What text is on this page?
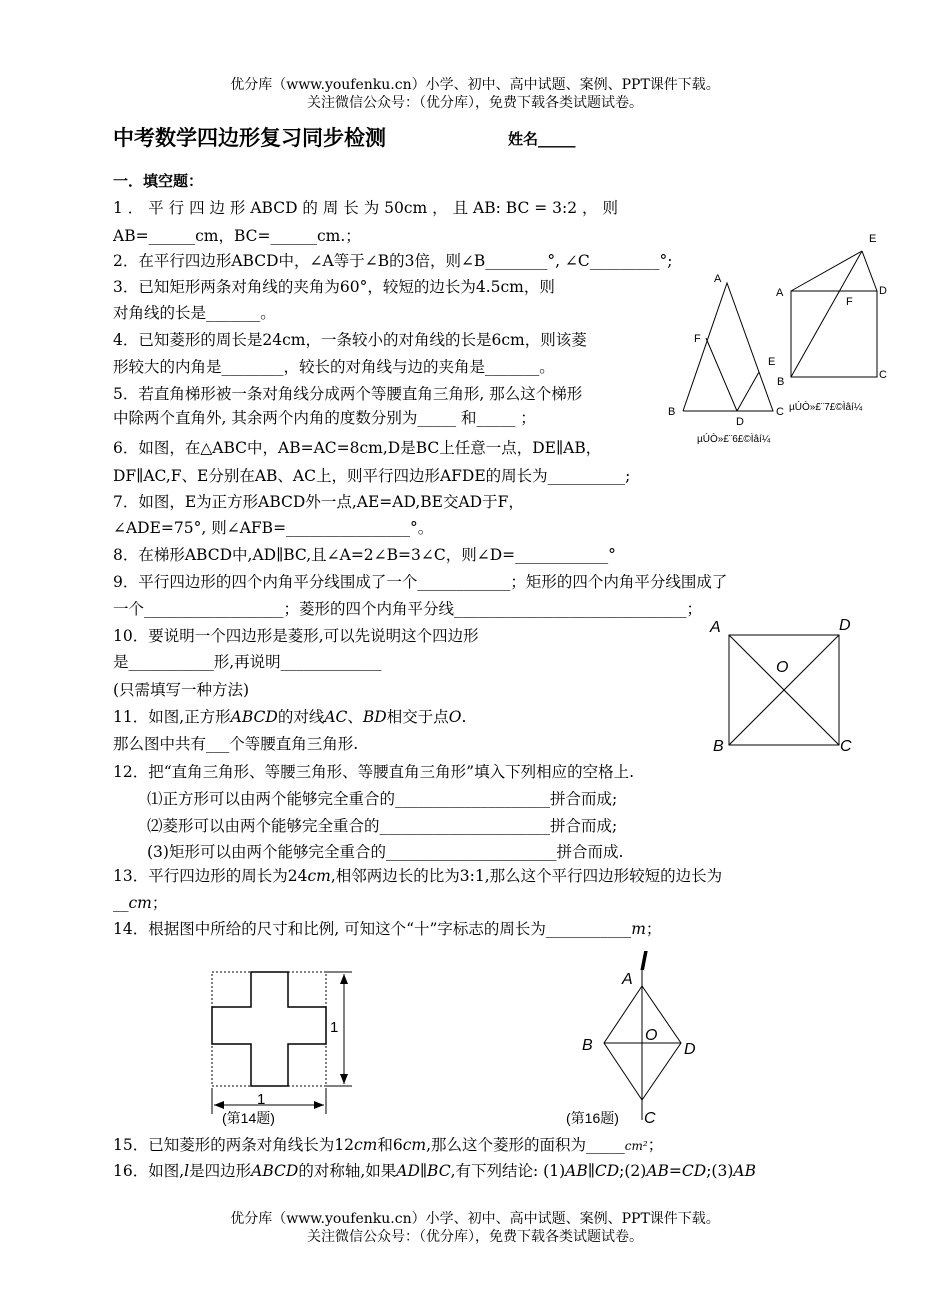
优分库（www.youfenku.cn）小学、初中、高中试题、案例、PPT课件下载。
关注微信公众号：（优分库），免费下载各类试题试卷。
中考数学四边形复习同步检测	姓名_____
一．填空题：
1 ． 平 行 四 边 形 ABCD 的 周 长 为 50cm ， 且 AB: BC = 3:2 ， 则
AB=______cm，BC=______cm.；
2．在平行四边形ABCD中，∠A等于∠B的3倍，则∠B________°, ∠C_________°;
3．已知矩形两条对角线的夹角为60°，较短的边长为4.5cm，则
对角线的长是_______。
4．已知菱形的周长是24cm，一条较小的对角线的长是6cm，则该菱
形较大的内角是________，较长的对角线与边的夹角是_______。
5．若直角梯形被一条对角线分成两个等腰直角三角形, 那么这个梯形
中除两个直角外, 其余两个内角的度数分别为_____ 和_____ ；
6．如图，在△ABC中，AB=AC=8cm,D是BC上任意一点，DE∥AB，
DF∥AC,F、E分别在AB、AC上，则平行四边形AFDE的周长为__________;
7．如图，E为正方形ABCD外一点,AE=AD,BE交AD于F，
∠ADE=75°, 则∠AFB=________________°。
8．在梯形ABCD中,AD∥BC,且∠A=2∠B=3∠C，则∠D=____________°
9．平行四边形的四个内角平分线围成了一个____________；矩形的四个内角平分线围成了
一个__________________；菱形的四个内角平分线______________________________；
10．要说明一个四边形是菱形,可以先说明这个四边形
是___________形,再说明_____________
(只需填写一种方法)
11．如图,正方形ABCD的对线AC、BD相交于点O.
那么图中共有___个等腰直角三角形.
12．把“直角三角形、等腰三角形、等腰直角三角形”填入下列相应的空格上.
⑴正方形可以由两个能够完全重合的____________________拼合而成;
⑵菱形可以由两个能够完全重合的______________________拼合而成;
(3)矩形可以由两个能够完全重合的______________________拼合而成.
13．平行四边形的周长为24cm,相邻两边长的比为3:1,那么这个平行四边形较短的边长为
__cm；
14．根据图中所给的尺寸和比例, 可知这个“十”字标志的周长为___________m；
15．已知菱形的两条对角线长为12cm和6cm,那么这个菱形的面积为_____cm²；
16．如图,l是四边形ABCD的对称轴,如果AD∥BC,有下列结论: (1)AB∥CD;(2)AB=CD;(3)AB
优分库（www.youfenku.cn）小学、初中、高中试题、案例、PPT课件下载。
关注微信公众号：（优分库），免费下载各类试题试卷。
A
F
E
B
D
C
µÚÒ»£¨6£©Ìâí¼
E
A	D
F
B
C
µÚÒ»£¨7£©Ìâí¼
A	D
O
B	C
1
1
(第14题)
l
A
B
O
D
C
(第16题)
